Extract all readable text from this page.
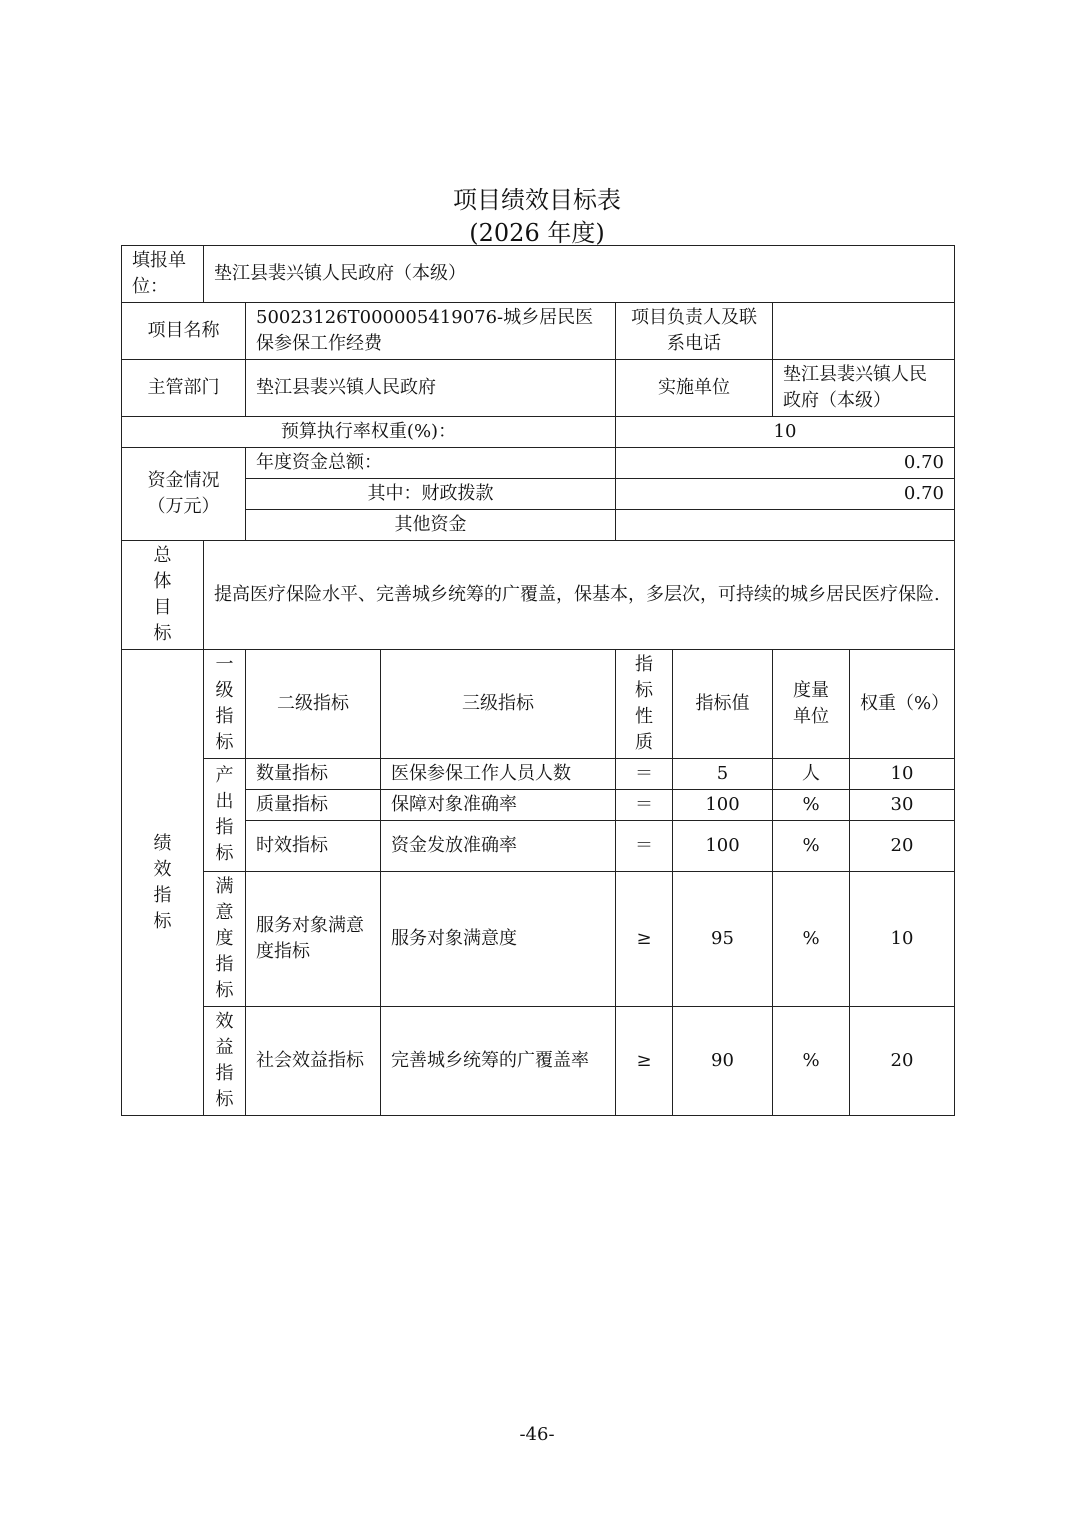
项目绩效目标表
(2026 年度)
填报单位：	垫江县裴兴镇人民政府（本级）						
项目名称		50023126T000005419076-城乡居民医保参保工作经费		项目负责人及联系电话			
主管部门		垫江县裴兴镇人民政府		实施单位		垫江县裴兴镇人民政府（本级）	
预算执行率权重(%)：				10			
资金情况（万元）		年度资金总额：		0.70			
		其中：财政拨款		0.70			
		其他资金					

总体目标	提高医疗保险水平、完善城乡统筹的广覆盖，保基本，多层次，可持续的城乡居民医疗保险.						

绩效指标	一级指标	二级指标	三级指标	指标性质	指标值	度量单位	权重（%）

	产出指标	数量指标	医保参保工作人员人数	＝	5	人	10
		质量指标	保障对象准确率	＝	100	%	30
		时效指标	资金发放准确率	＝	100	%	20

	满意度指标	服务对象满意度指标	服务对象满意度	≥	95	%	10

	效益指标	社会效益指标	完善城乡统筹的广覆盖率	≥	90	%	20
-46-
